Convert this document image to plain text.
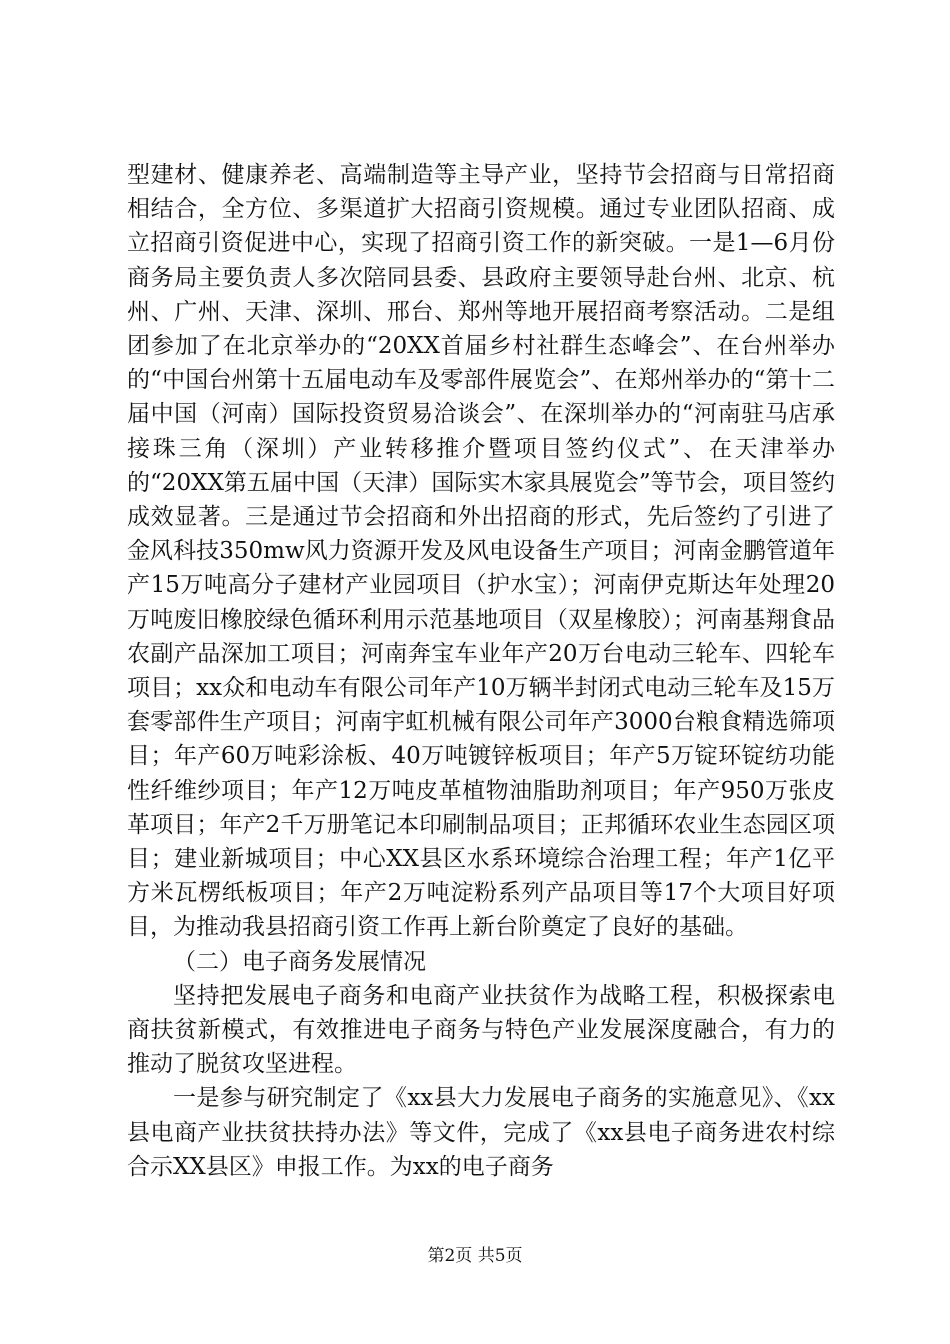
型建材、健康养老、高端制造等主导产业，坚持节会招商与日常招商相结合，全方位、多渠道扩大招商引资规模。通过专业团队招商、成立招商引资促进中心，实现了招商引资工作的新突破。一是1—6月份商务局主要负责人多次陪同县委、县政府主要领导赴台州、北京、杭州、广州、天津、深圳、邢台、郑州等地开展招商考察活动。二是组团参加了在北京举办的“20XX首届乡村社群生态峰会”、在台州举办的“中国台州第十五届电动车及零部件展览会”、在郑州举办的“第十二届中国（河南）国际投资贸易洽谈会”、在深圳举办的“河南驻马店承接珠三角（深圳）产业转移推介暨项目签约仪式”、在天津举办的“20XX第五届中国（天津）国际实木家具展览会”等节会，项目签约成效显著。三是通过节会招商和外出招商的形式，先后签约了引进了金风科技350mw风力资源开发及风电设备生产项目；河南金鹏管道年产15万吨高分子建材产业园项目（护水宝）；河南伊克斯达年处理20万吨废旧橡胶绿色循环利用示范基地项目（双星橡胶）；河南基翔食品农副产品深加工项目；河南奔宝车业年产20万台电动三轮车、四轮车项目；xx众和电动车有限公司年产10万辆半封闭式电动三轮车及15万套零部件生产项目；河南宇虹机械有限公司年产3000台粮食精选筛项目；年产60万吨彩涂板、40万吨镀锌板项目；年产5万锭环锭纺功能性纤维纱项目；年产12万吨皮革植物油脂助剂项目；年产950万张皮革项目；年产2千万册笔记本印刷制品项目；正邦循环农业生态园区项目；建业新城项目；中心XX县区水系环境综合治理工程；年产1亿平方米瓦楞纸板项目；年产2万吨淀粉系列产品项目等17个大项目好项目，为推动我县招商引资工作再上新台阶奠定了良好的基础。

（二）电子商务发展情况

坚持把发展电子商务和电商产业扶贫作为战略工程，积极探索电商扶贫新模式，有效推进电子商务与特色产业发展深度融合，有力的推动了脱贫攻坚进程。

一是参与研究制定了《xx县大力发展电子商务的实施意见》、《xx县电商产业扶贫扶持办法》等文件，完成了《xx县电子商务进农村综合示XX县区》申报工作。为xx的电子商务

第2页 共5页
